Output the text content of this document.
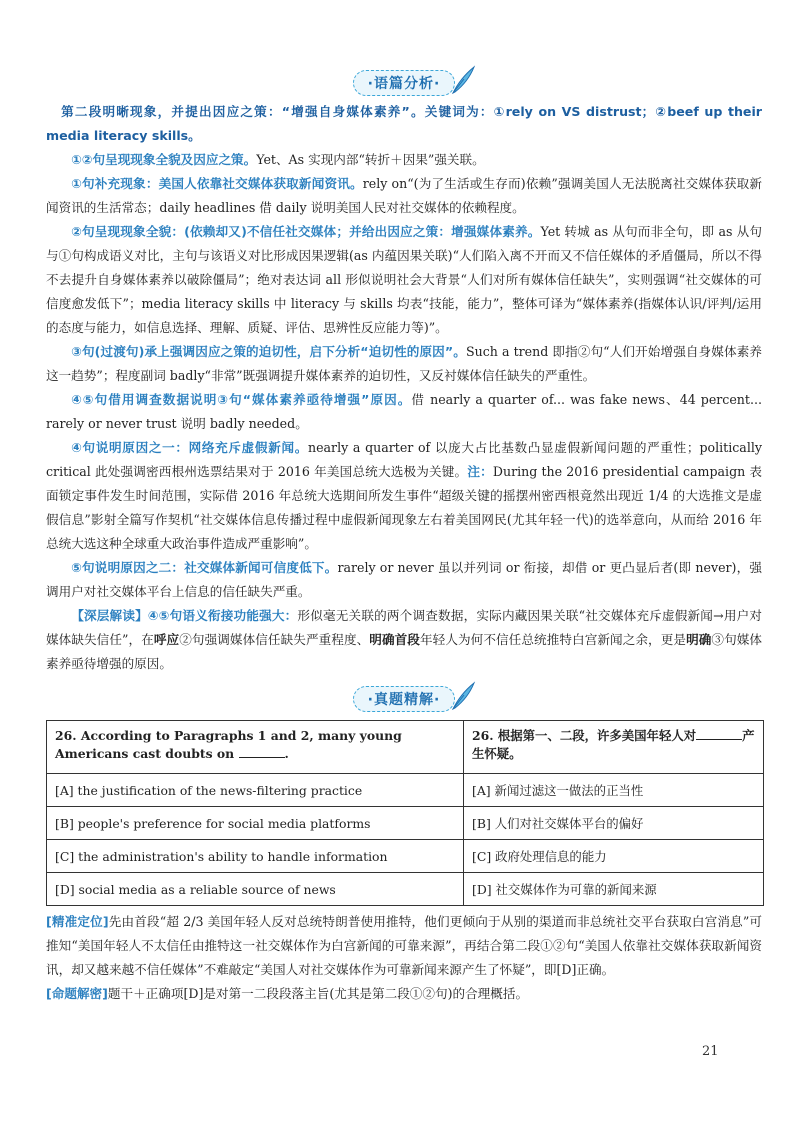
·语篇分析·

第二段明晰现象，并提出因应之策：“增强自身媒体素养”。关键词为：①rely on VS distrust；②beef up their media literacy skills。

①②句呈现现象全貌及因应之策。Yet、As 实现内部“转折＋因果”强关联。

①句补充现象：美国人依靠社交媒体获取新闻资讯。rely on“(为了生活或生存而)依赖”强调美国人无法脱离社交媒体获取新闻资讯的生活常态；daily headlines 借 daily 说明美国人民对社交媒体的依赖程度。

②句呈现现象全貌：(依赖却又)不信任社交媒体；并给出因应之策：增强媒体素养。Yet 转城 as 从句而非全句，即 as 从句与①句构成语义对比，主句与该语义对比形成因果逻辑(as 内蕴因果关联)“人们陷入离不开而又不信任媒体的矛盾僵局，所以不得不去提升自身媒体素养以破除僵局”；绝对表达词 all 形似说明社会大背景“人们对所有媒体信任缺失”，实则强调“社交媒体的可信度愈发低下”；media literacy skills 中 literacy 与 skills 均表“技能，能力”，整体可译为“媒体素养(指媒体认识/评判/运用的态度与能力，如信息选择、理解、质疑、评估、思辨性反应能力等)”。

③句(过渡句)承上强调因应之策的迫切性，启下分析“迫切性的原因”。Such a trend 即指②句“人们开始增强自身媒体素养这一趋势”；程度副词 badly“非常”既强调提升媒体素养的迫切性，又反衬媒体信任缺失的严重性。

④⑤句借用调查数据说明③句“媒体素养亟待增强”原因。借 nearly a quarter of... was fake news、44 percent... rarely or never trust 说明 badly needed。

④句说明原因之一：网络充斥虚假新闻。nearly a quarter of 以庞大占比基数凸显虚假新闻问题的严重性；politically critical 此处强调密西根州选票结果对于 2016 年美国总统大选极为关键。注：During the 2016 presidential campaign 表面锁定事件发生时间范围，实际借 2016 年总统大选期间所发生事件“超级关键的摇摆州密西根竟然出现近 1/4 的大选推文是虚假信息”影射全篇写作契机“社交媒体信息传播过程中虚假新闻现象左右着美国网民(尤其年轻一代)的选举意向，从而给 2016 年总统大选这种全球重大政治事件造成严重影响”。

⑤句说明原因之二：社交媒体新闻可信度低下。rarely or never 虽以并列词 or 衔接，却借 or 更凸显后者(即 never)，强调用户对社交媒体平台上信息的信任缺失严重。

【深层解读】④⑤句语义衔接功能强大：形似毫无关联的两个调查数据，实际内藏因果关联“社交媒体充斥虚假新闻→用户对媒体缺失信任”，在呼应②句强调媒体信任缺失严重程度、明确首段年轻人为何不信任总统推特白宫新闻之余，更是明确③句媒体素养亟待增强的原因。

·真题精解·
26. According to Paragraphs 1 and 2, many young Americans cast doubts on .	26. 根据第一、二段，许多美国年轻人对 产生怀疑。
[A] the justification of the news-filtering practice	[A] 新闻过滤这一做法的正当性
[B] people's preference for social media platforms	[B] 人们对社交媒体平台的偏好
[C] the administration's ability to handle information	[C] 政府处理信息的能力
[D] social media as a reliable source of news	[D] 社交媒体作为可靠的新闻来源

[精准定位]先由首段“超 2/3 美国年轻人反对总统特朗普使用推特，他们更倾向于从别的渠道而非总统社交平台获取白宫消息”可推知“美国年轻人不太信任由推特这一社交媒体作为白宫新闻的可靠来源”，再结合第二段①②句“美国人依靠社交媒体获取新闻资讯，却又越来越不信任媒体”不难敲定“美国人对社交媒体作为可靠新闻来源产生了怀疑”，即[D]正确。

[命题解密]题干＋正确项[D]是对第一二段段落主旨(尤其是第二段①②句)的合理概括。

21
